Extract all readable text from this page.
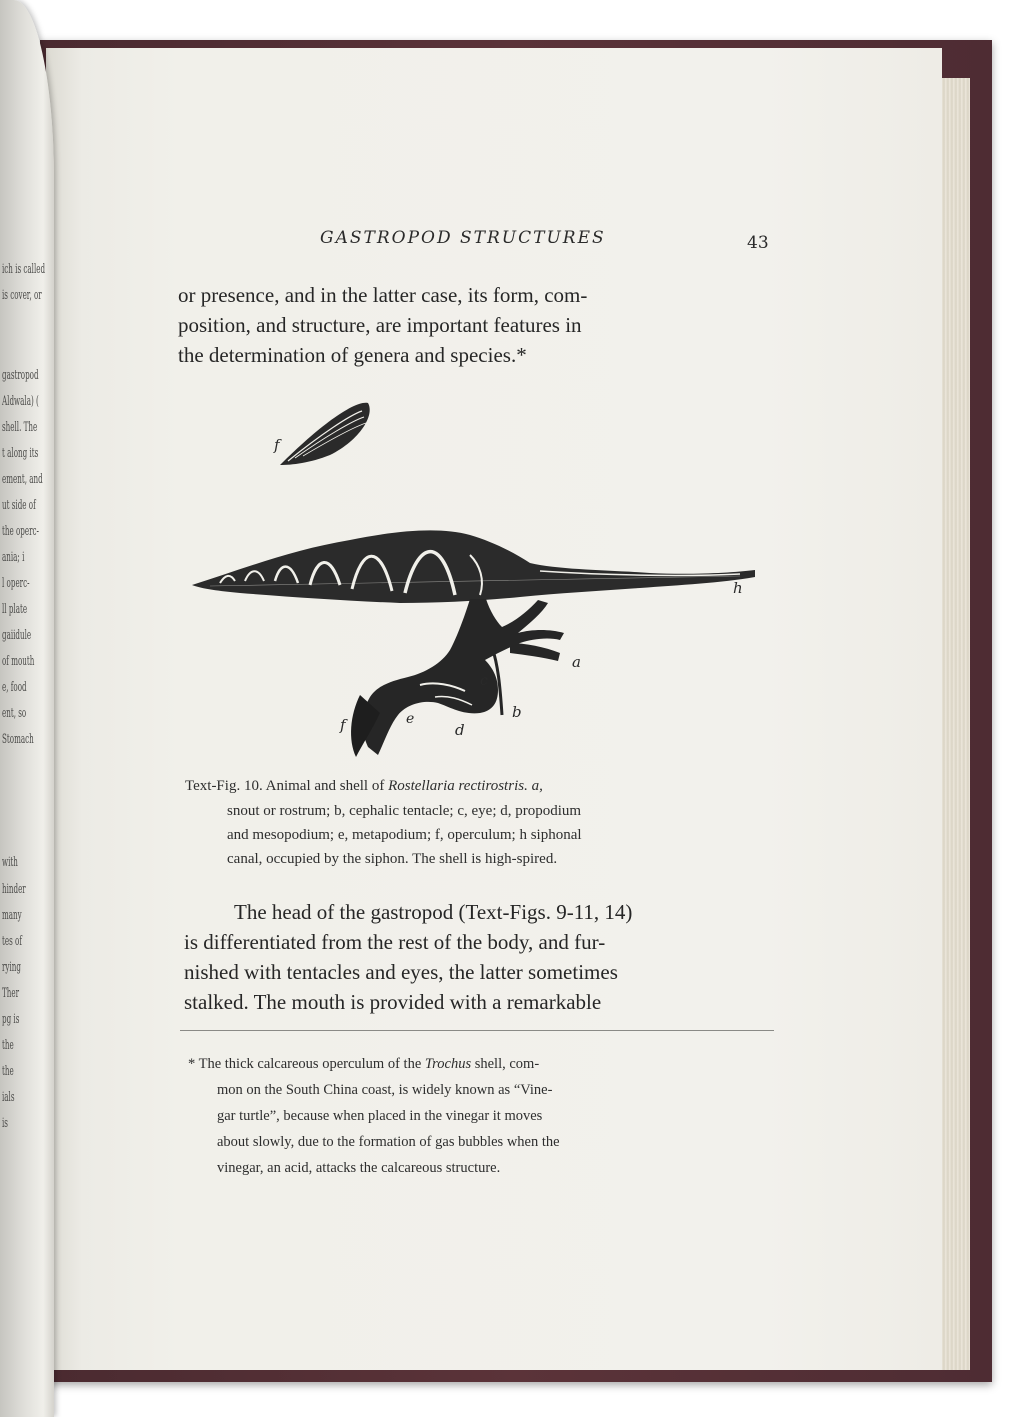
ich is called
is cover, or
gastropod
Aldwala) (
shell. The
t along its
ement, and
ut side of
the operc-
ania; i
l operc-
ll plate
gaiidule
of mouth
e, food
ent, so
Stomach
with
hinder
many
tes of
rying
Ther
pg is
the
the
ials
is
GASTROPOD STRUCTURES	43
or presence, and in the latter case, its form, com-
position, and structure, are important features in
the determination of genera and species.*
f
h
a
b
c
d
e
f
Text-Fig. 10. Animal and shell of Rostellaria rectirostris. a,
snout or rostrum; b, cephalic tentacle; c, eye; d, propodium
and mesopodium; e, metapodium; f, operculum; h siphonal
canal, occupied by the siphon. The shell is high-spired.
The head of the gastropod (Text-Figs. 9-11, 14)
is differentiated from the rest of the body, and fur-
nished with tentacles and eyes, the latter sometimes
stalked. The mouth is provided with a remarkable
* The thick calcareous operculum of the Trochus shell, com-
mon on the South China coast, is widely known as “Vine-
gar turtle”, because when placed in the vinegar it moves
about slowly, due to the formation of gas bubbles when the
vinegar, an acid, attacks the calcareous structure.
